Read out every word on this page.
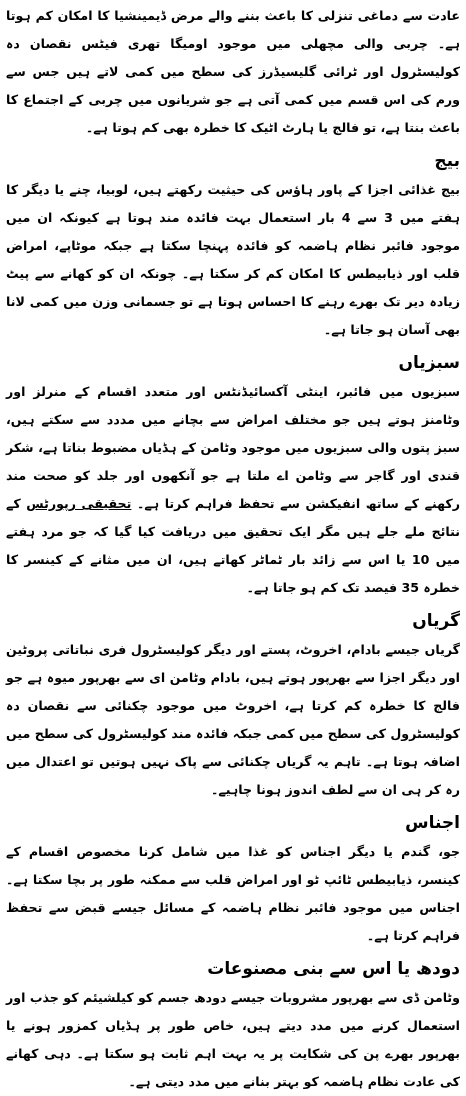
عادت سے دماغی تنزلی کا باعث بننے والے مرض ڈیمینشیا کا امکان کم ہوتا ہے۔ چربی والی مچھلی میں موجود اومیگا تھری فیٹس نقصان دہ کولیسٹرول اور ٹرائی گلیسیڈرز کی سطح میں کمی لاتے ہیں جس سے ورم کی اس قسم میں کمی آتی ہے جو شریانوں میں چربی کے اجتماع کا باعث بنتا ہے، تو فالج یا ہارٹ اٹیک کا خطرہ بھی کم ہوتا ہے۔

بیج

بیج غذائی اجزا کے پاور ہاؤس کی حیثیت رکھتے ہیں، لوبیا، چنے یا دیگر کا ہفتے میں 3 سے 4 بار استعمال بہت فائدہ مند ہوتا ہے کیونکہ ان میں موجود فائبر نظام ہاضمہ کو فائدہ پہنچا سکتا ہے جبکہ موٹاپے، امراض قلب اور ذیابیطس کا امکان کم کر سکتا ہے۔ چونکہ ان کو کھانے سے پیٹ زیادہ دیر تک بھرے رہنے کا احساس ہوتا ہے تو جسمانی وزن میں کمی لانا بھی آسان ہو جاتا ہے۔

سبزیاں

سبزیوں میں فائبر، اینٹی آکسائیڈنٹس اور متعدد اقسام کے منرلز اور وٹامنز ہوتے ہیں جو مختلف امراض سے بچانے میں مددد سے سکتے ہیں، سبز پتوں والی سبزیوں میں موجود وٹامن کے ہڈیاں مضبوط بناتا ہے، شکر قندی اور گاجر سے وٹامن اے ملتا ہے جو آنکھوں اور جلد کو صحت مند رکھنے کے ساتھ انفیکشن سے تحفظ فراہم کرتا ہے۔ تحقیقی رپورٹس کے نتائج ملے جلے ہیں مگر ایک تحقیق میں دریافت کیا گیا کہ جو مرد ہفتے میں 10 یا اس سے زائد بار ٹماٹر کھاتے ہیں، ان میں مثانے کے کینسر کا خطرہ 35 فیصد تک کم ہو جاتا ہے۔

گریاں

گریاں جیسے بادام، اخروٹ، پستے اور دیگر کولیسٹرول فری نباتاتی پروٹین اور دیگر اجزا سے بھرپور ہوتے ہیں، بادام وٹامن ای سے بھرپور میوہ ہے جو فالج کا خطرہ کم کرتا ہے، اخروٹ میں موجود چکنائی سے نقصان دہ کولیسٹرول کی سطح میں کمی جبکہ فائدہ مند کولیسٹرول کی سطح میں اضافہ ہوتا ہے۔ تاہم یہ گریاں چکنائی سے پاک نہیں ہوتیں تو اعتدال میں رہ کر ہی ان سے لطف اندوز ہونا چاہیے۔

اجناس

جو، گندم یا دیگر اجناس کو غذا میں شامل کرنا مخصوص اقسام کے کینسر، ذیابیطس ٹائپ ٹو اور امراض قلب سے ممکنہ طور پر بچا سکتا ہے۔ اجناس میں موجود فائبر نظام ہاضمہ کے مسائل جیسے قبض سے تحفظ فراہم کرتا ہے۔

دودھ یا اس سے بنی مصنوعات

وٹامن ڈی سے بھرپور مشروبات جیسے دودھ جسم کو کیلشیئم کو جذب اور استعمال کرنے میں مدد دیتے ہیں، خاص طور پر ہڈیاں کمزور ہونے یا بھرپور بھرے پن کی شکایت پر یہ بہت اہم ثابت ہو سکتا ہے۔ دہی کھانے کی عادت نظام ہاضمہ کو بہتر بنانے میں مدد دیتی ہے۔
